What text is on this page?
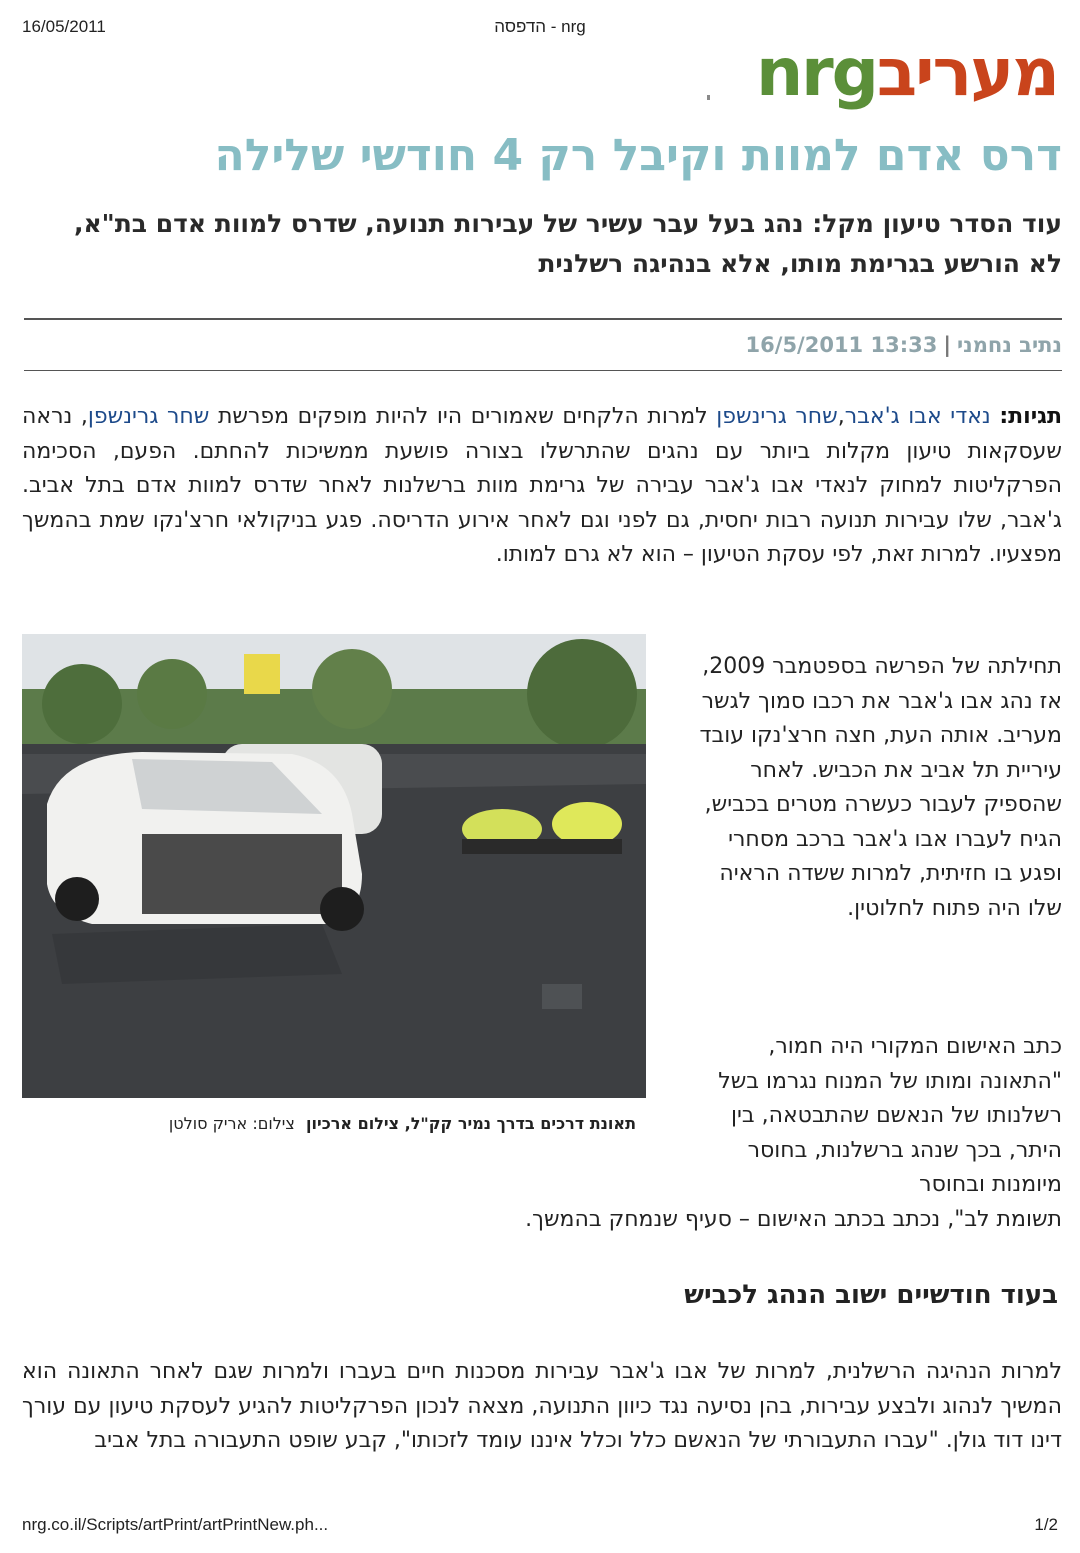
16/05/2011	הדפסה - nrg
nrgמעריב
דרס אדם למוות וקיבל רק 4 חודשי שלילה
עוד הסדר טיעון מקל: נהג בעל עבר עשיר של עבירות תנועה, שדרס למוות אדם בת"א, לא הורשע בגרימת מותו, אלא בנהיגה רשלנית
נתיב נחמני|16/5/2011 13:33
תגיות: נאדי אבו ג'אבר,שחר גרינשפן למרות הלקחים שאמורים היו להיות מופקים מפרשת שחר גרינשפן, נראה שעסקאות טיעון מקלות ביותר עם נהגים שהתרשלו בצורה פושעת ממשיכות להחתם. הפעם, הסכימה הפרקליטות למחוק לנאדי אבו ג'אבר עבירה של גרימת מוות ברשלנות לאחר שדרס למוות אדם בתל אביב. ג'אבר, שלו עבירות תנועה רבות יחסית, גם לפני וגם לאחר אירוע הדריסה. פגע בניקולאי חרצ'נקו שמת בהמשך מפצעיו. למרות זאת, לפי עסקת הטיעון – הוא לא גרם למותו.
תאונת דרכים בדרך נמיר קק"ל, צילום ארכיון  צילום: אריק סולטן
תחילתה של הפרשה בספטמבר 2009, אז נהג אבו ג'אבר את רכבו סמוך לגשר מעריב. אותה העת, חצה חרצ'נקו עובד עיריית תל אביב את הכביש. לאחר שהספיק לעבור כעשרה מטרים בכביש, הגיח לעברו אבו ג'אבר ברכב מסחרי ופגע בו חזיתית, למרות ששדה הראיה שלו היה פתוח לחלוטין.
כתב האישום המקורי היה חמור, "התאונה ומותו של המנוח נגרמו בשל רשלנותו של הנאשם שהתבטאה, בין היתר, בכך שנהג ברשלנות, בחוסר מיומנות ובחוסר
תשומת לב", נכתב בכתב האישום – סעיף שנמחק בהמשך.
בעוד חודשיים ישוב הנהג לכביש
למרות הנהיגה הרשלנית, למרות של אבו ג'אבר עבירות מסכנות חיים בעברו ולמרות שגם לאחר התאונה הוא המשיך לנהוג ולבצע עבירות, בהן נסיעה נגד כיוון התנועה, מצאה לנכון הפרקליטות להגיע לעסקת טיעון עם עורך דינו דוד גולן. "עברו התעבורתי של הנאשם כלל וכלל איננו עומד לזכותו", קבע שופט התעבורה בתל אביב
nrg.co.il/Scripts/artPrint/artPrintNew.ph...	1/2
